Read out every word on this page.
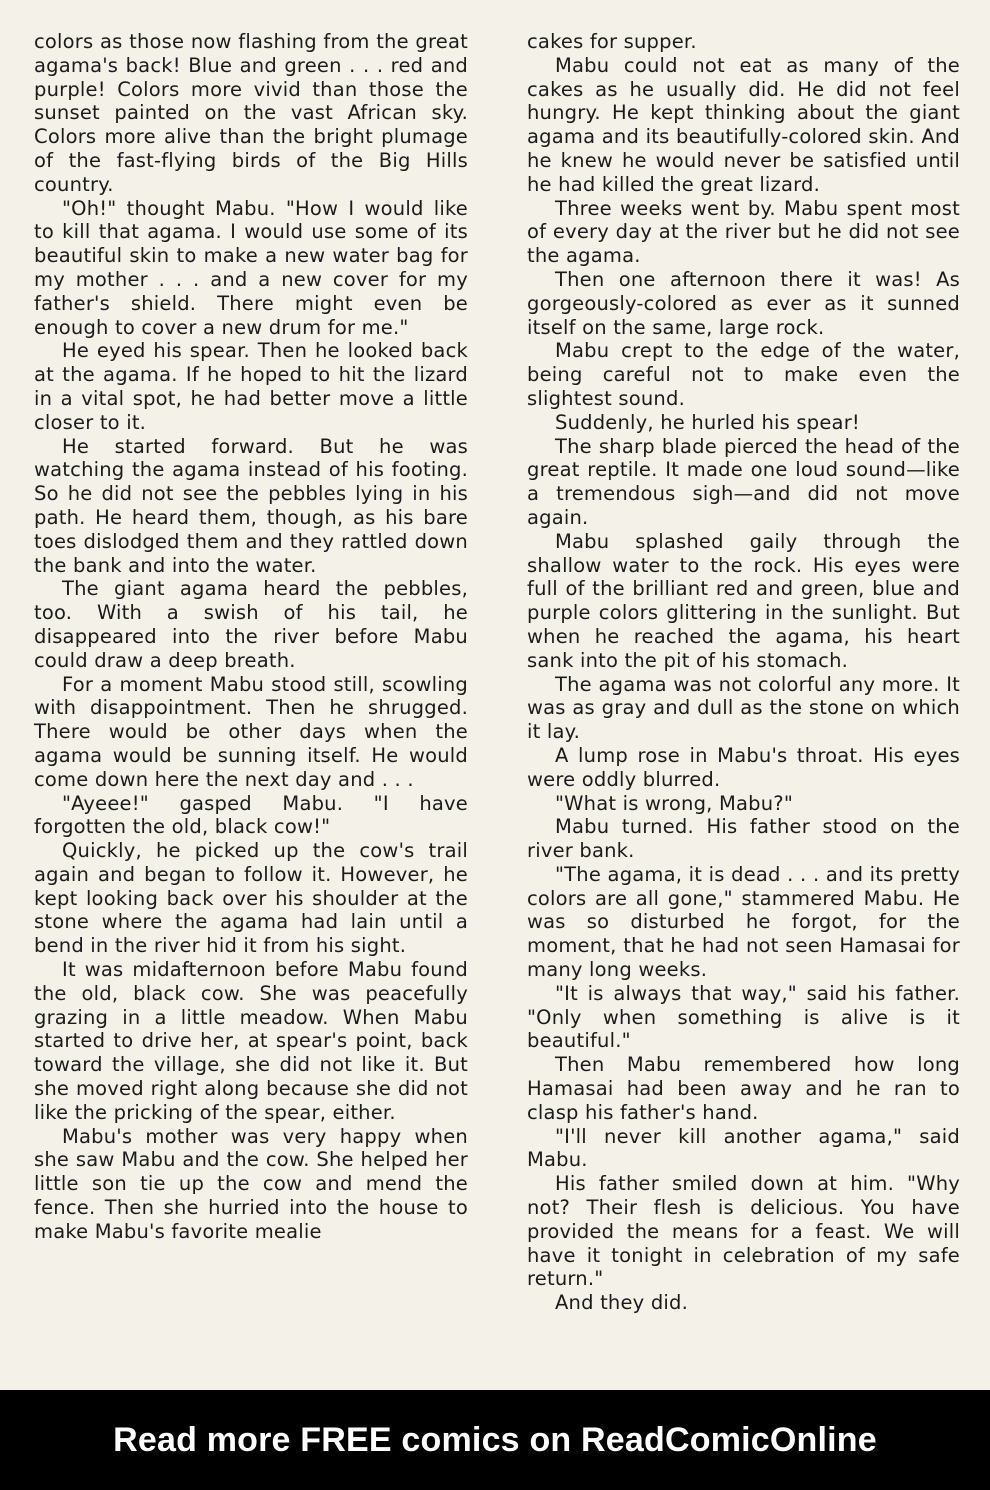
colors as those now flashing from the great agama's back! Blue and green . . . red and purple! Colors more vivid than those the sunset painted on the vast African sky. Colors more alive than the bright plumage of the fast-flying birds of the Big Hills country.

"Oh!" thought Mabu. "How I would like to kill that agama. I would use some of its beautiful skin to make a new water bag for my mother . . . and a new cover for my father's shield. There might even be enough to cover a new drum for me."

He eyed his spear. Then he looked back at the agama. If he hoped to hit the lizard in a vital spot, he had better move a little closer to it.

He started forward. But he was watching the agama instead of his footing. So he did not see the pebbles lying in his path. He heard them, though, as his bare toes dislodged them and they rattled down the bank and into the water.

The giant agama heard the pebbles, too. With a swish of his tail, he disappeared into the river before Mabu could draw a deep breath.

For a moment Mabu stood still, scowling with disappointment. Then he shrugged. There would be other days when the agama would be sunning itself. He would come down here the next day and . . .

"Ayeee!" gasped Mabu. "I have forgotten the old, black cow!"

Quickly, he picked up the cow's trail again and began to follow it. However, he kept looking back over his shoulder at the stone where the agama had lain until a bend in the river hid it from his sight.

It was midafternoon before Mabu found the old, black cow. She was peacefully grazing in a little meadow. When Mabu started to drive her, at spear's point, back toward the village, she did not like it. But she moved right along because she did not like the pricking of the spear, either.

Mabu's mother was very happy when she saw Mabu and the cow. She helped her little son tie up the cow and mend the fence. Then she hurried into the house to make Mabu's favorite mealie

cakes for supper.

Mabu could not eat as many of the cakes as he usually did. He did not feel hungry. He kept thinking about the giant agama and its beautifully-colored skin. And he knew he would never be satisfied until he had killed the great lizard.

Three weeks went by. Mabu spent most of every day at the river but he did not see the agama.

Then one afternoon there it was! As gorgeously-colored as ever as it sunned itself on the same, large rock.

Mabu crept to the edge of the water, being careful not to make even the slightest sound.

Suddenly, he hurled his spear!

The sharp blade pierced the head of the great reptile. It made one loud sound—like a tremendous sigh—and did not move again.

Mabu splashed gaily through the shallow water to the rock. His eyes were full of the brilliant red and green, blue and purple colors glittering in the sunlight. But when he reached the agama, his heart sank into the pit of his stomach.

The agama was not colorful any more. It was as gray and dull as the stone on which it lay.

A lump rose in Mabu's throat. His eyes were oddly blurred.

"What is wrong, Mabu?"

Mabu turned. His father stood on the river bank.

"The agama, it is dead . . . and its pretty colors are all gone," stammered Mabu. He was so disturbed he forgot, for the moment, that he had not seen Hamasai for many long weeks.

"It is always that way," said his father. "Only when something is alive is it beautiful."

Then Mabu remembered how long Hamasai had been away and he ran to clasp his father's hand.

"I'll never kill another agama," said Mabu.

His father smiled down at him. "Why not? Their flesh is delicious. You have provided the means for a feast. We will have it tonight in celebration of my safe return."

And they did.

Read more FREE comics on ReadComicOnline
